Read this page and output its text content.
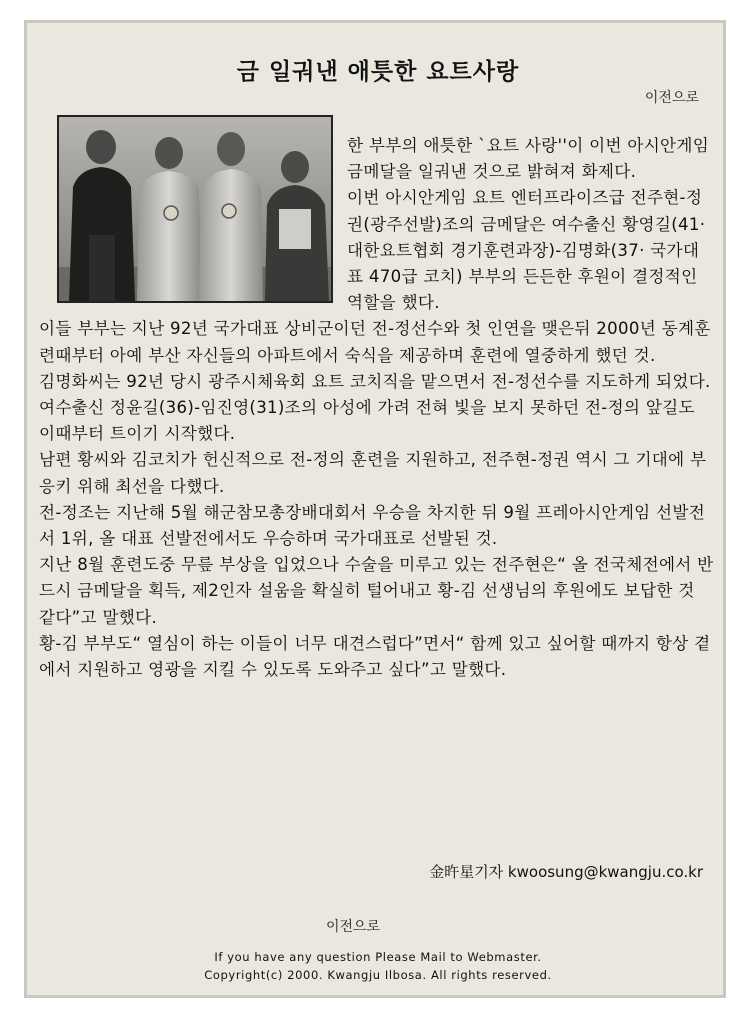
금 일궈낸 애틋한 요트사랑
이전으로

한 부부의 애틋한 `요트 사랑''이 이번 아시안게임 금메달을 일궈낸 것으로 밝혀져 화제다.

이번 아시안게임 요트 엔터프라이즈급 전주현-정권(광주선발)조의 금메달은 여수출신 황영길(41· 대한요트협회 경기훈련과장)-김명화(37· 국가대표 470급 코치) 부부의 든든한 후원이 결정적인 역할을 했다.

이들 부부는 지난 92년 국가대표 상비군이던 전-정선수와 첫 인연을 맺은뒤 2000년 동계훈련때부터 아예 부산 자신들의 아파트에서 숙식을 제공하며 훈련에 열중하게 했던 것.

김명화씨는 92년 당시 광주시체육회 요트 코치직을 맡으면서 전-정선수를 지도하게 되었다. 여수출신 정윤길(36)-임진영(31)조의 아성에 가려 전혀 빛을 보지 못하던 전-정의 앞길도 이때부터 트이기 시작했다.

남편 황씨와 김코치가 헌신적으로 전-정의 훈련을 지원하고, 전주현-정권 역시 그 기대에 부응키 위해 최선을 다했다.

전-정조는 지난해 5월 해군참모총장배대회서 우승을 차지한 뒤 9월 프레아시안게임 선발전서 1위, 올 대표 선발전에서도 우승하며 국가대표로 선발된 것.

지난 8월 훈련도중 무릎 부상을 입었으나 수술을 미루고 있는 전주현은“ 올 전국체전에서 반드시 금메달을 획득, 제2인자 설움을 확실히 털어내고 황-김 선생님의 후원에도 보답한 것 같다”고 말했다.

황-김 부부도“ 열심이 하는 이들이 너무 대견스럽다”면서“ 함께 있고 싶어할 때까지 항상 곁에서 지원하고 영광을 지킬 수 있도록 도와주고 싶다”고 말했다.

金旿星기자 kwoosung@kwangju.co.kr
이전으로
If you have any question Please Mail to Webmaster.
Copyright(c) 2000. Kwangju Ilbosa. All rights reserved.
